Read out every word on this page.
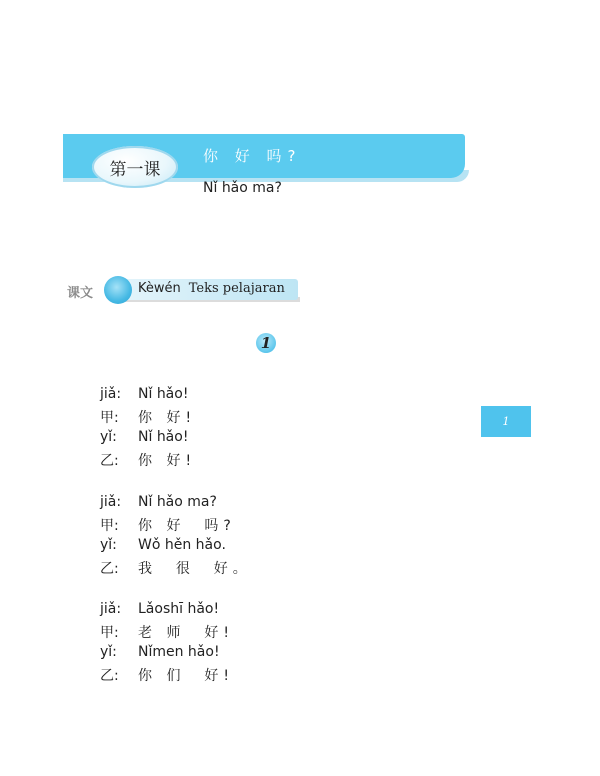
第一课
你 好 吗?
Nǐ hǎo ma?
课文	Kèwén Teks pelajaran
1
1
jiǎ:	Nǐ hǎo!
甲:	你 好!
yǐ:	Nǐ hǎo!
乙:	你 好!
jiǎ:	Nǐ hǎo ma?
甲:	你 好  吗?
yǐ:	Wǒ hěn hǎo.
乙:	我  很  好。
jiǎ:	Lǎoshī hǎo!
甲:	老 师  好!
yǐ:	Nǐmen hǎo!
乙:	你 们  好!
